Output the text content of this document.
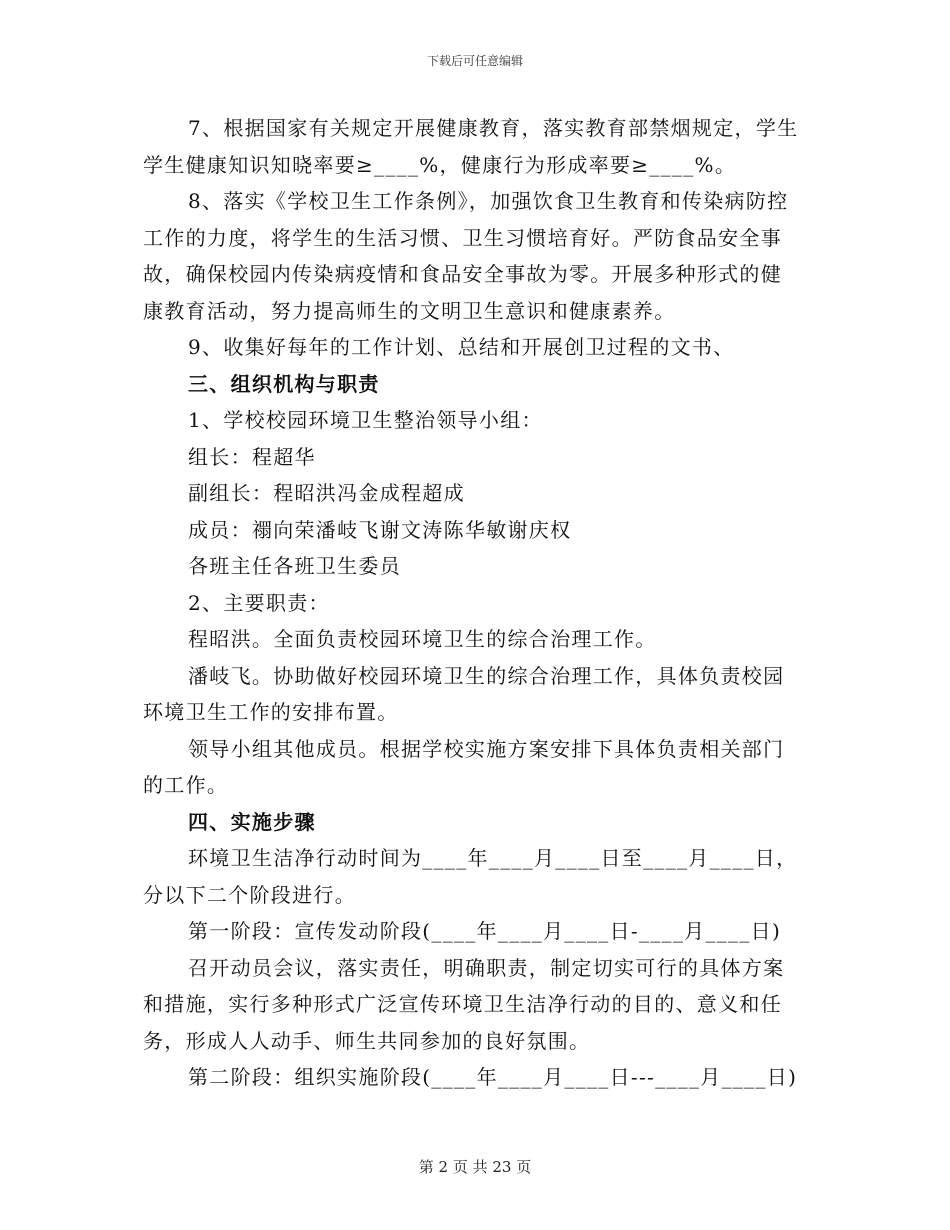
下载后可任意编辑
7、根据国家有关规定开展健康教育，落实教育部禁烟规定，学生
学生健康知识知晓率要≥____%，健康行为形成率要≥____%。
8、落实《学校卫生工作条例》，加强饮食卫生教育和传染病防控
工作的力度，将学生的生活习惯、卫生习惯培育好。严防食品安全事
故，确保校园内传染病疫情和食品安全事故为零。开展多种形式的健
康教育活动，努力提高师生的文明卫生意识和健康素养。
9、收集好每年的工作计划、总结和开展创卫过程的文书、
三、组织机构与职责
1、学校校园环境卫生整治领导小组：
组长：程超华
副组长：程昭洪冯金成程超成
成员：禤向荣潘岐飞谢文涛陈华敏谢庆权
各班主任各班卫生委员
2、主要职责：
程昭洪。全面负责校园环境卫生的综合治理工作。
潘岐飞。协助做好校园环境卫生的综合治理工作，具体负责校园
环境卫生工作的安排布置。
领导小组其他成员。根据学校实施方案安排下具体负责相关部门
的工作。
四、实施步骤
环境卫生洁净行动时间为____年____月____日至____月____日，
分以下二个阶段进行。
第一阶段：宣传发动阶段(____年____月____日-____月____日)
召开动员会议，落实责任，明确职责，制定切实可行的具体方案
和措施，实行多种形式广泛宣传环境卫生洁净行动的目的、意义和任
务，形成人人动手、师生共同参加的良好氛围。
第二阶段：组织实施阶段(____年____月____日---____月____日)
第 2 页 共 23 页
